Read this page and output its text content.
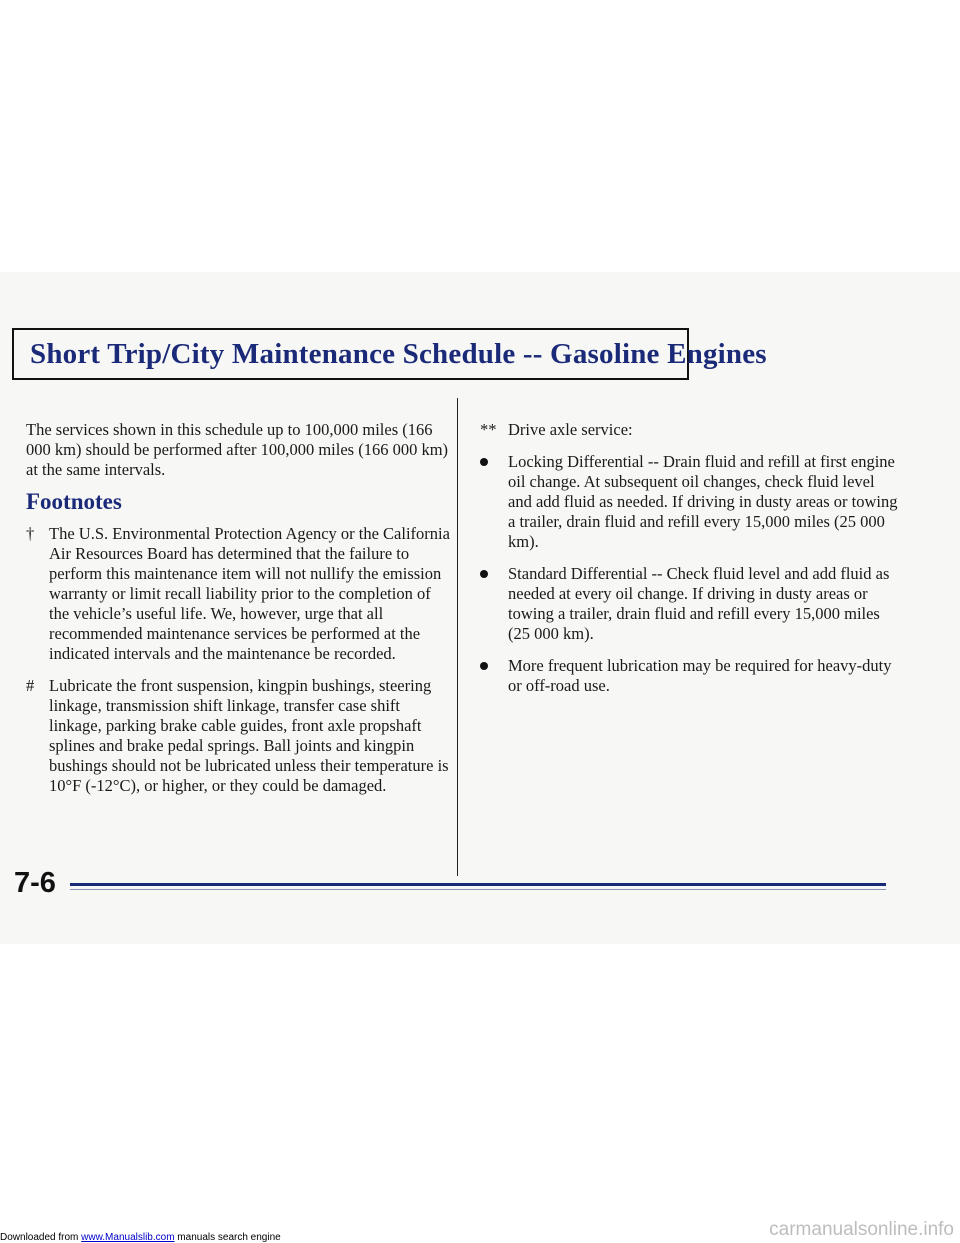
Short Trip/City Maintenance Schedule -- Gasoline Engines

The services shown in this schedule up to 100,000 miles (166 000 km) should be performed after 100,000 miles (166 000 km) at the same intervals.

Footnotes
† The U.S. Environmental Protection Agency or the California Air Resources Board has determined that the failure to perform this maintenance item will not nullify the emission warranty or limit recall liability prior to the completion of the vehicle’s useful life. We, however, urge that all recommended maintenance services be performed at the indicated intervals and the maintenance be recorded.
# Lubricate the front suspension, kingpin bushings, steering linkage, transmission shift linkage, transfer case shift linkage, parking brake cable guides, front axle propshaft splines and brake pedal springs. Ball joints and kingpin bushings should not be lubricated unless their temperature is 10°F (-12°C), or higher, or they could be damaged.
** Drive axle service:
Locking Differential -- Drain fluid and refill at first engine oil change. At subsequent oil changes, check fluid level and add fluid as needed. If driving in dusty areas or towing a trailer, drain fluid and refill every 15,000 miles (25 000 km).
Standard Differential -- Check fluid level and add fluid as needed at every oil change. If driving in dusty areas or towing a trailer, drain fluid and refill every 15,000 miles (25 000 km).
More frequent lubrication may be required for heavy-duty or off-road use.
7-6
Downloaded from www.Manualslib.com manuals search engine	carmanualsonline.info
